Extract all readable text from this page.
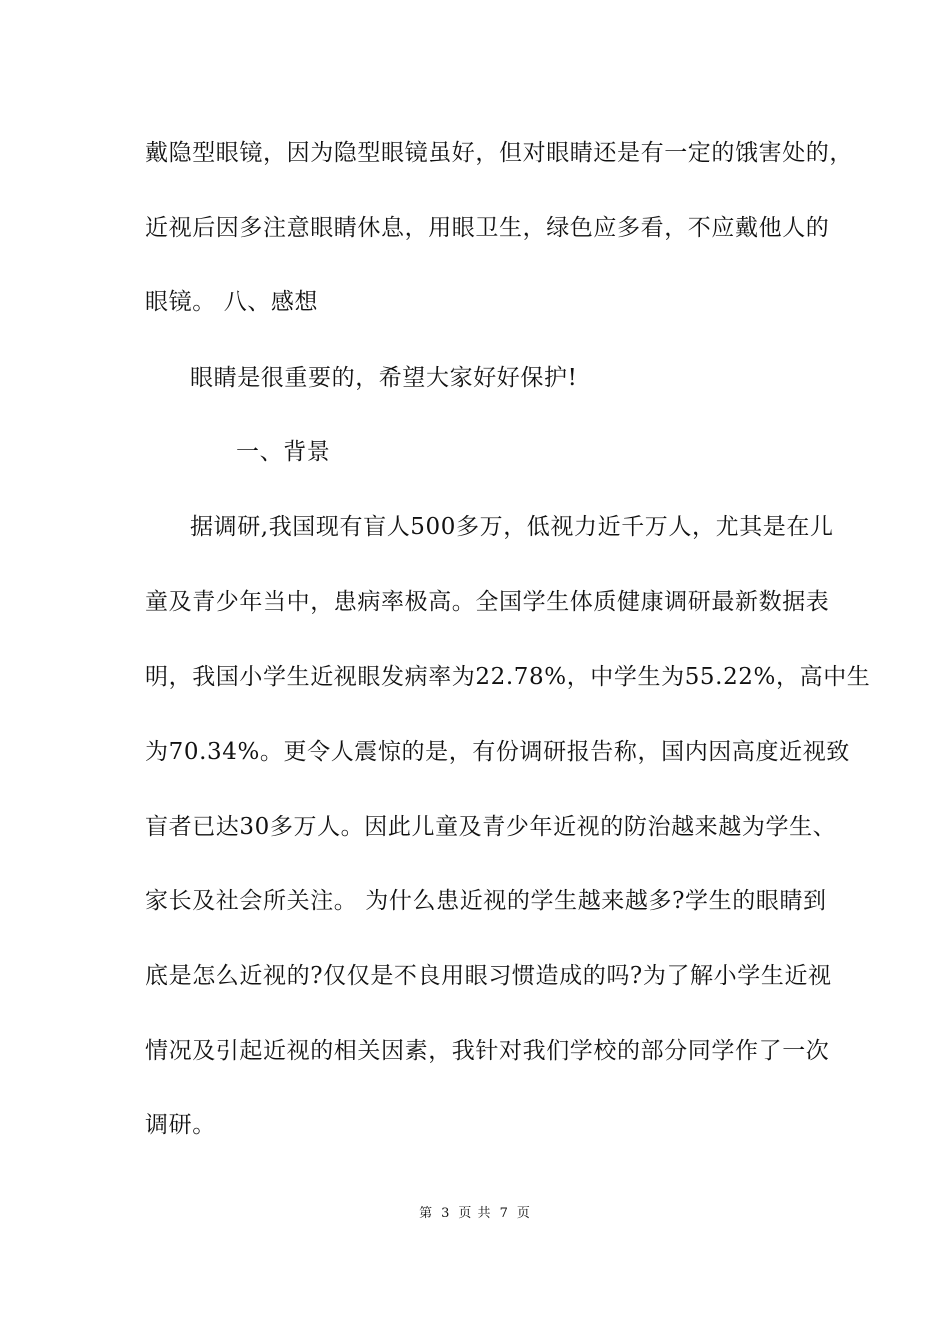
戴隐型眼镜，因为隐型眼镜虽好，但对眼睛还是有一定的饿害处的，
近视后因多注意眼睛休息，用眼卫生，绿色应多看，不应戴他人的
眼镜。 八、感想
眼睛是很重要的，希望大家好好保护!
一、背景
据调研,我国现有盲人500多万，低视力近千万人，尤其是在儿
童及青少年当中，患病率极高。全国学生体质健康调研最新数据表
明，我国小学生近视眼发病率为22.78%，中学生为55.22%，高中生
为70.34%。更令人震惊的是，有份调研报告称，国内因高度近视致
盲者已达30多万人。因此儿童及青少年近视的防治越来越为学生、
家长及社会所关注。 为什么患近视的学生越来越多?学生的眼睛到
底是怎么近视的?仅仅是不良用眼习惯造成的吗?为了解小学生近视
情况及引起近视的相关因素，我针对我们学校的部分同学作了一次
调研。
第 3 页 共 7 页
